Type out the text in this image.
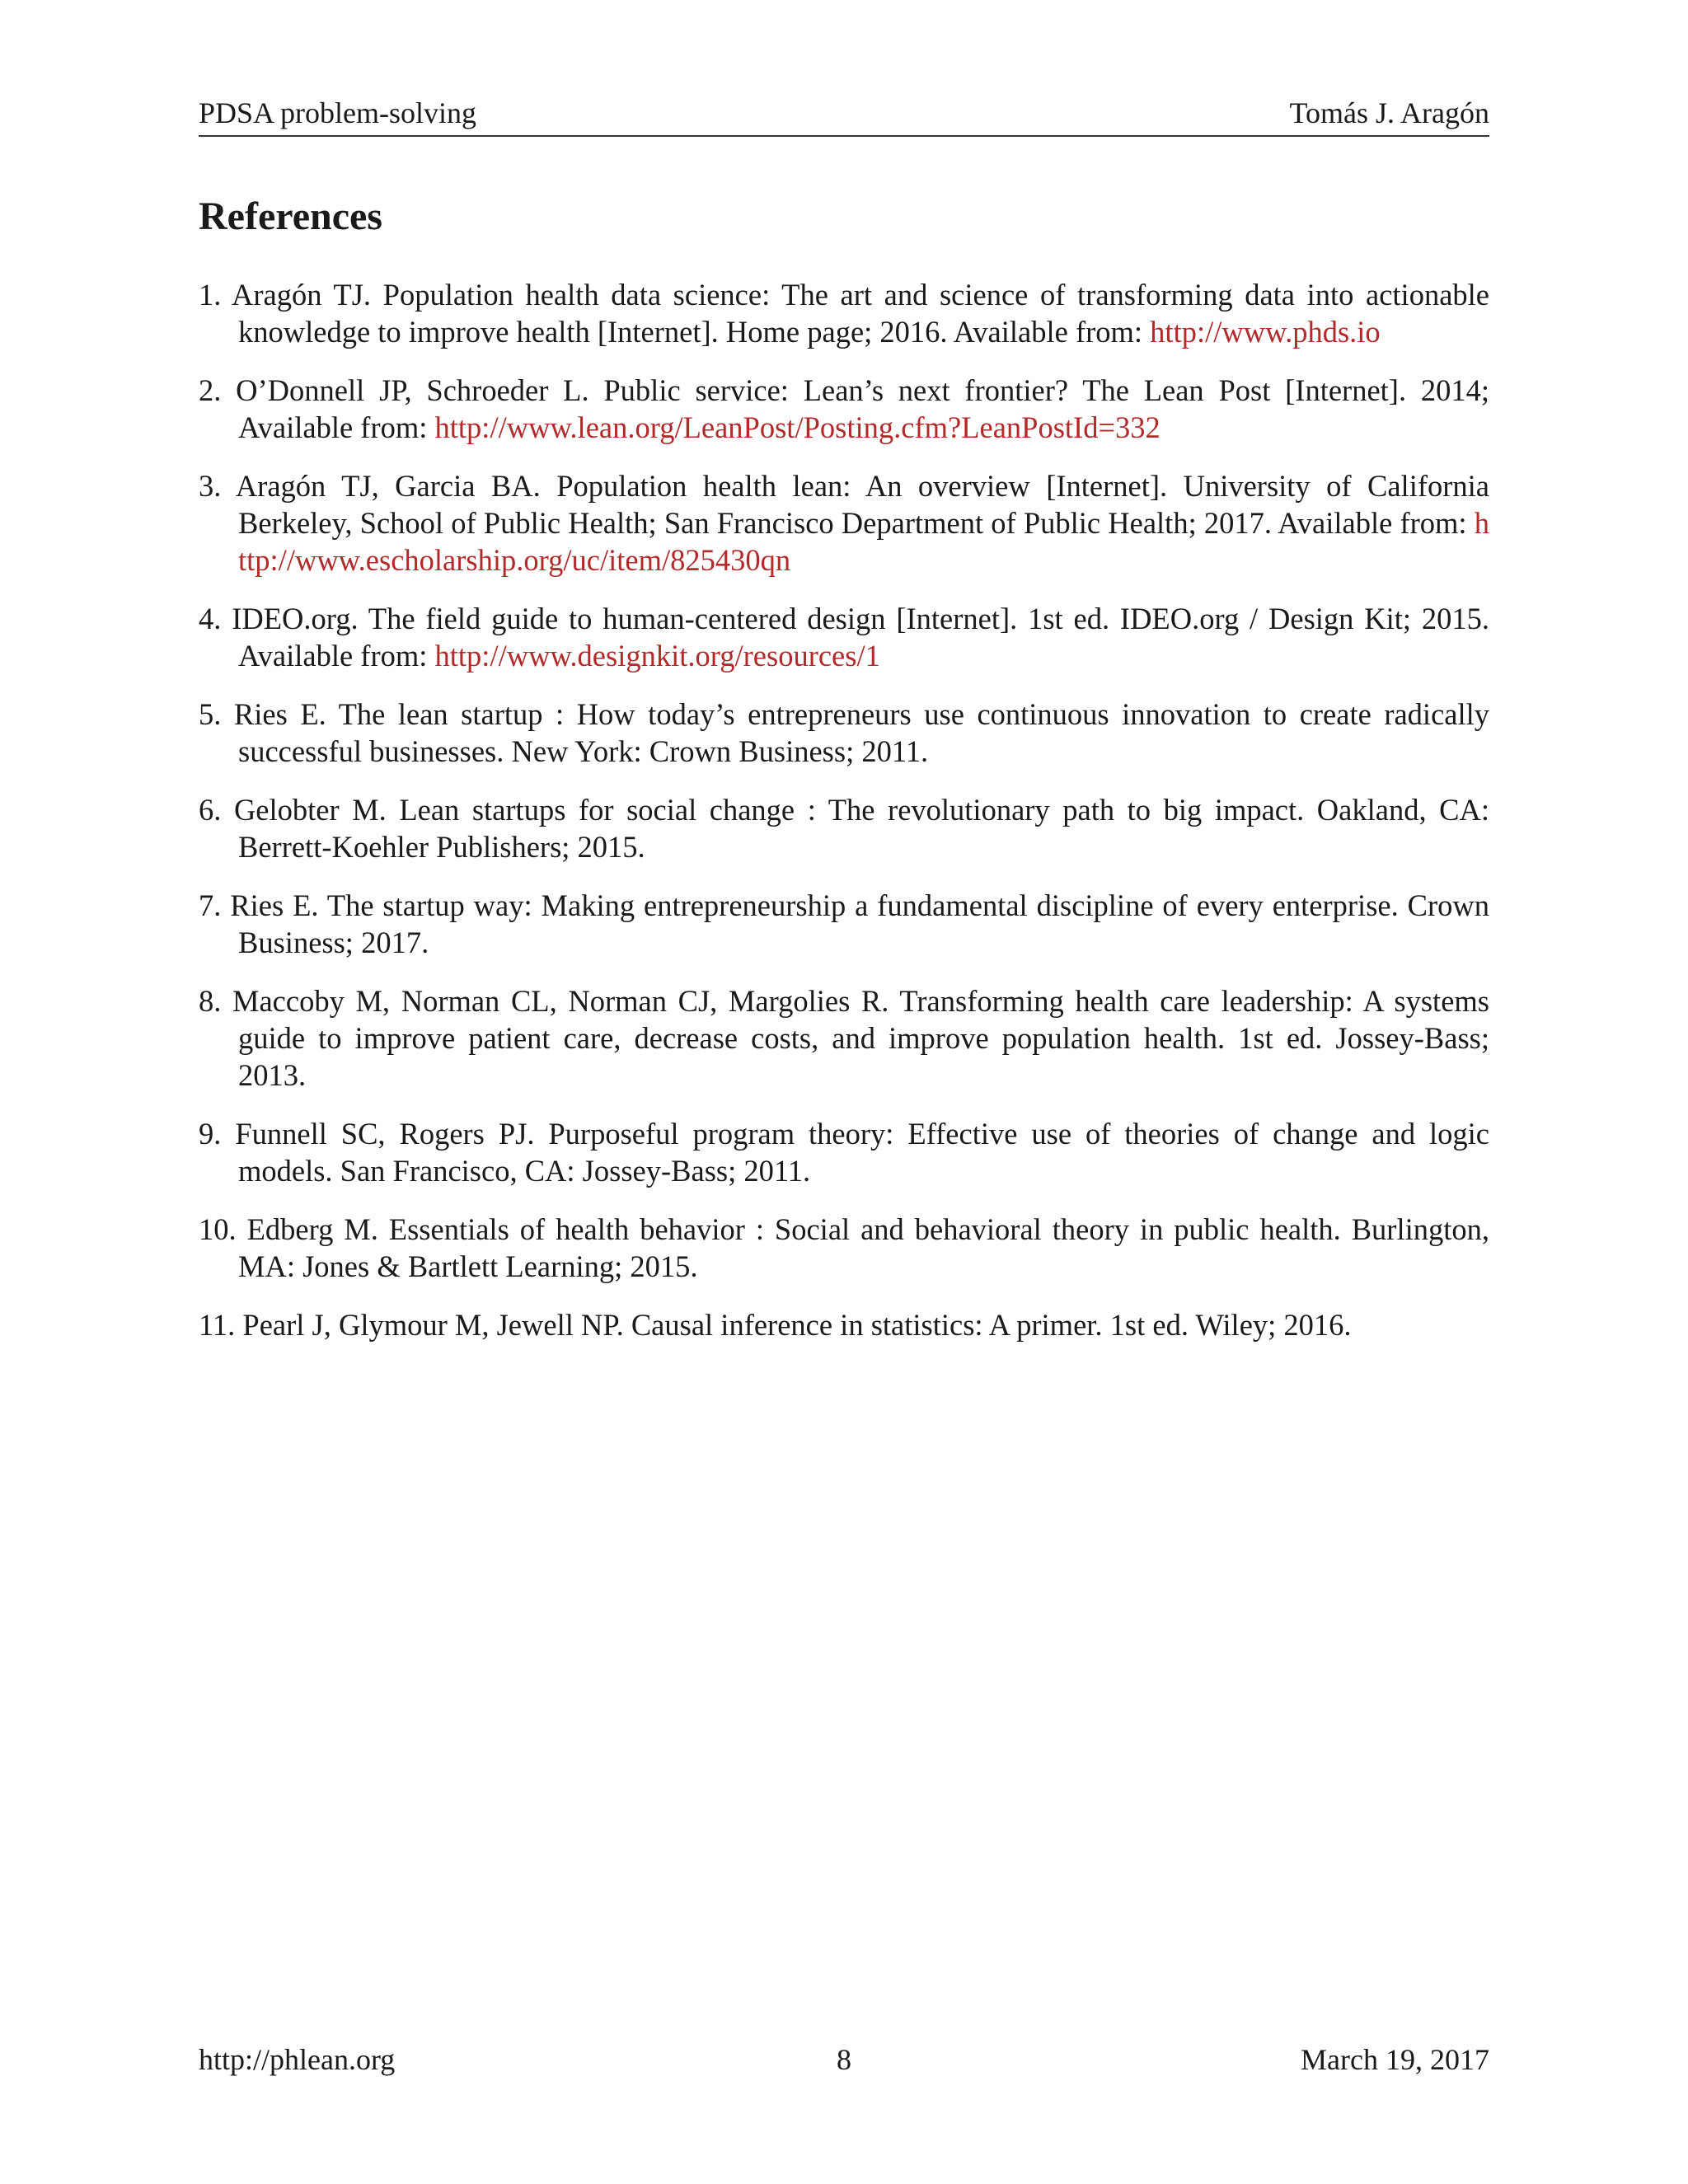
PDSA problem-solving	Tomás J. Aragón
References
1. Aragón TJ. Population health data science: The art and science of transforming data into actionable knowledge to improve health [Internet]. Home page; 2016. Available from: http://www.phds.io
2. O’Donnell JP, Schroeder L. Public service: Lean’s next frontier? The Lean Post [Internet]. 2014; Available from: http://www.lean.org/LeanPost/Posting.cfm?LeanPostId=332
3. Aragón TJ, Garcia BA. Population health lean: An overview [Internet]. University of California Berkeley, School of Public Health; San Francisco Department of Public Health; 2017. Available from: http://www.escholarship.org/uc/item/825430qn
4. IDEO.org. The field guide to human-centered design [Internet]. 1st ed. IDEO.org / Design Kit; 2015. Available from: http://www.designkit.org/resources/1
5. Ries E. The lean startup : How today’s entrepreneurs use continuous innovation to create radically successful businesses. New York: Crown Business; 2011.
6. Gelobter M. Lean startups for social change : The revolutionary path to big impact. Oakland, CA: Berrett-Koehler Publishers; 2015.
7. Ries E. The startup way: Making entrepreneurship a fundamental discipline of every enterprise. Crown Business; 2017.
8. Maccoby M, Norman CL, Norman CJ, Margolies R. Transforming health care leadership: A systems guide to improve patient care, decrease costs, and improve population health. 1st ed. Jossey-Bass; 2013.
9. Funnell SC, Rogers PJ. Purposeful program theory: Effective use of theories of change and logic models. San Francisco, CA: Jossey-Bass; 2011.
10. Edberg M. Essentials of health behavior : Social and behavioral theory in public health. Burlington, MA: Jones & Bartlett Learning; 2015.
11. Pearl J, Glymour M, Jewell NP. Causal inference in statistics: A primer. 1st ed. Wiley; 2016.
http://phlean.org	8	March 19, 2017
